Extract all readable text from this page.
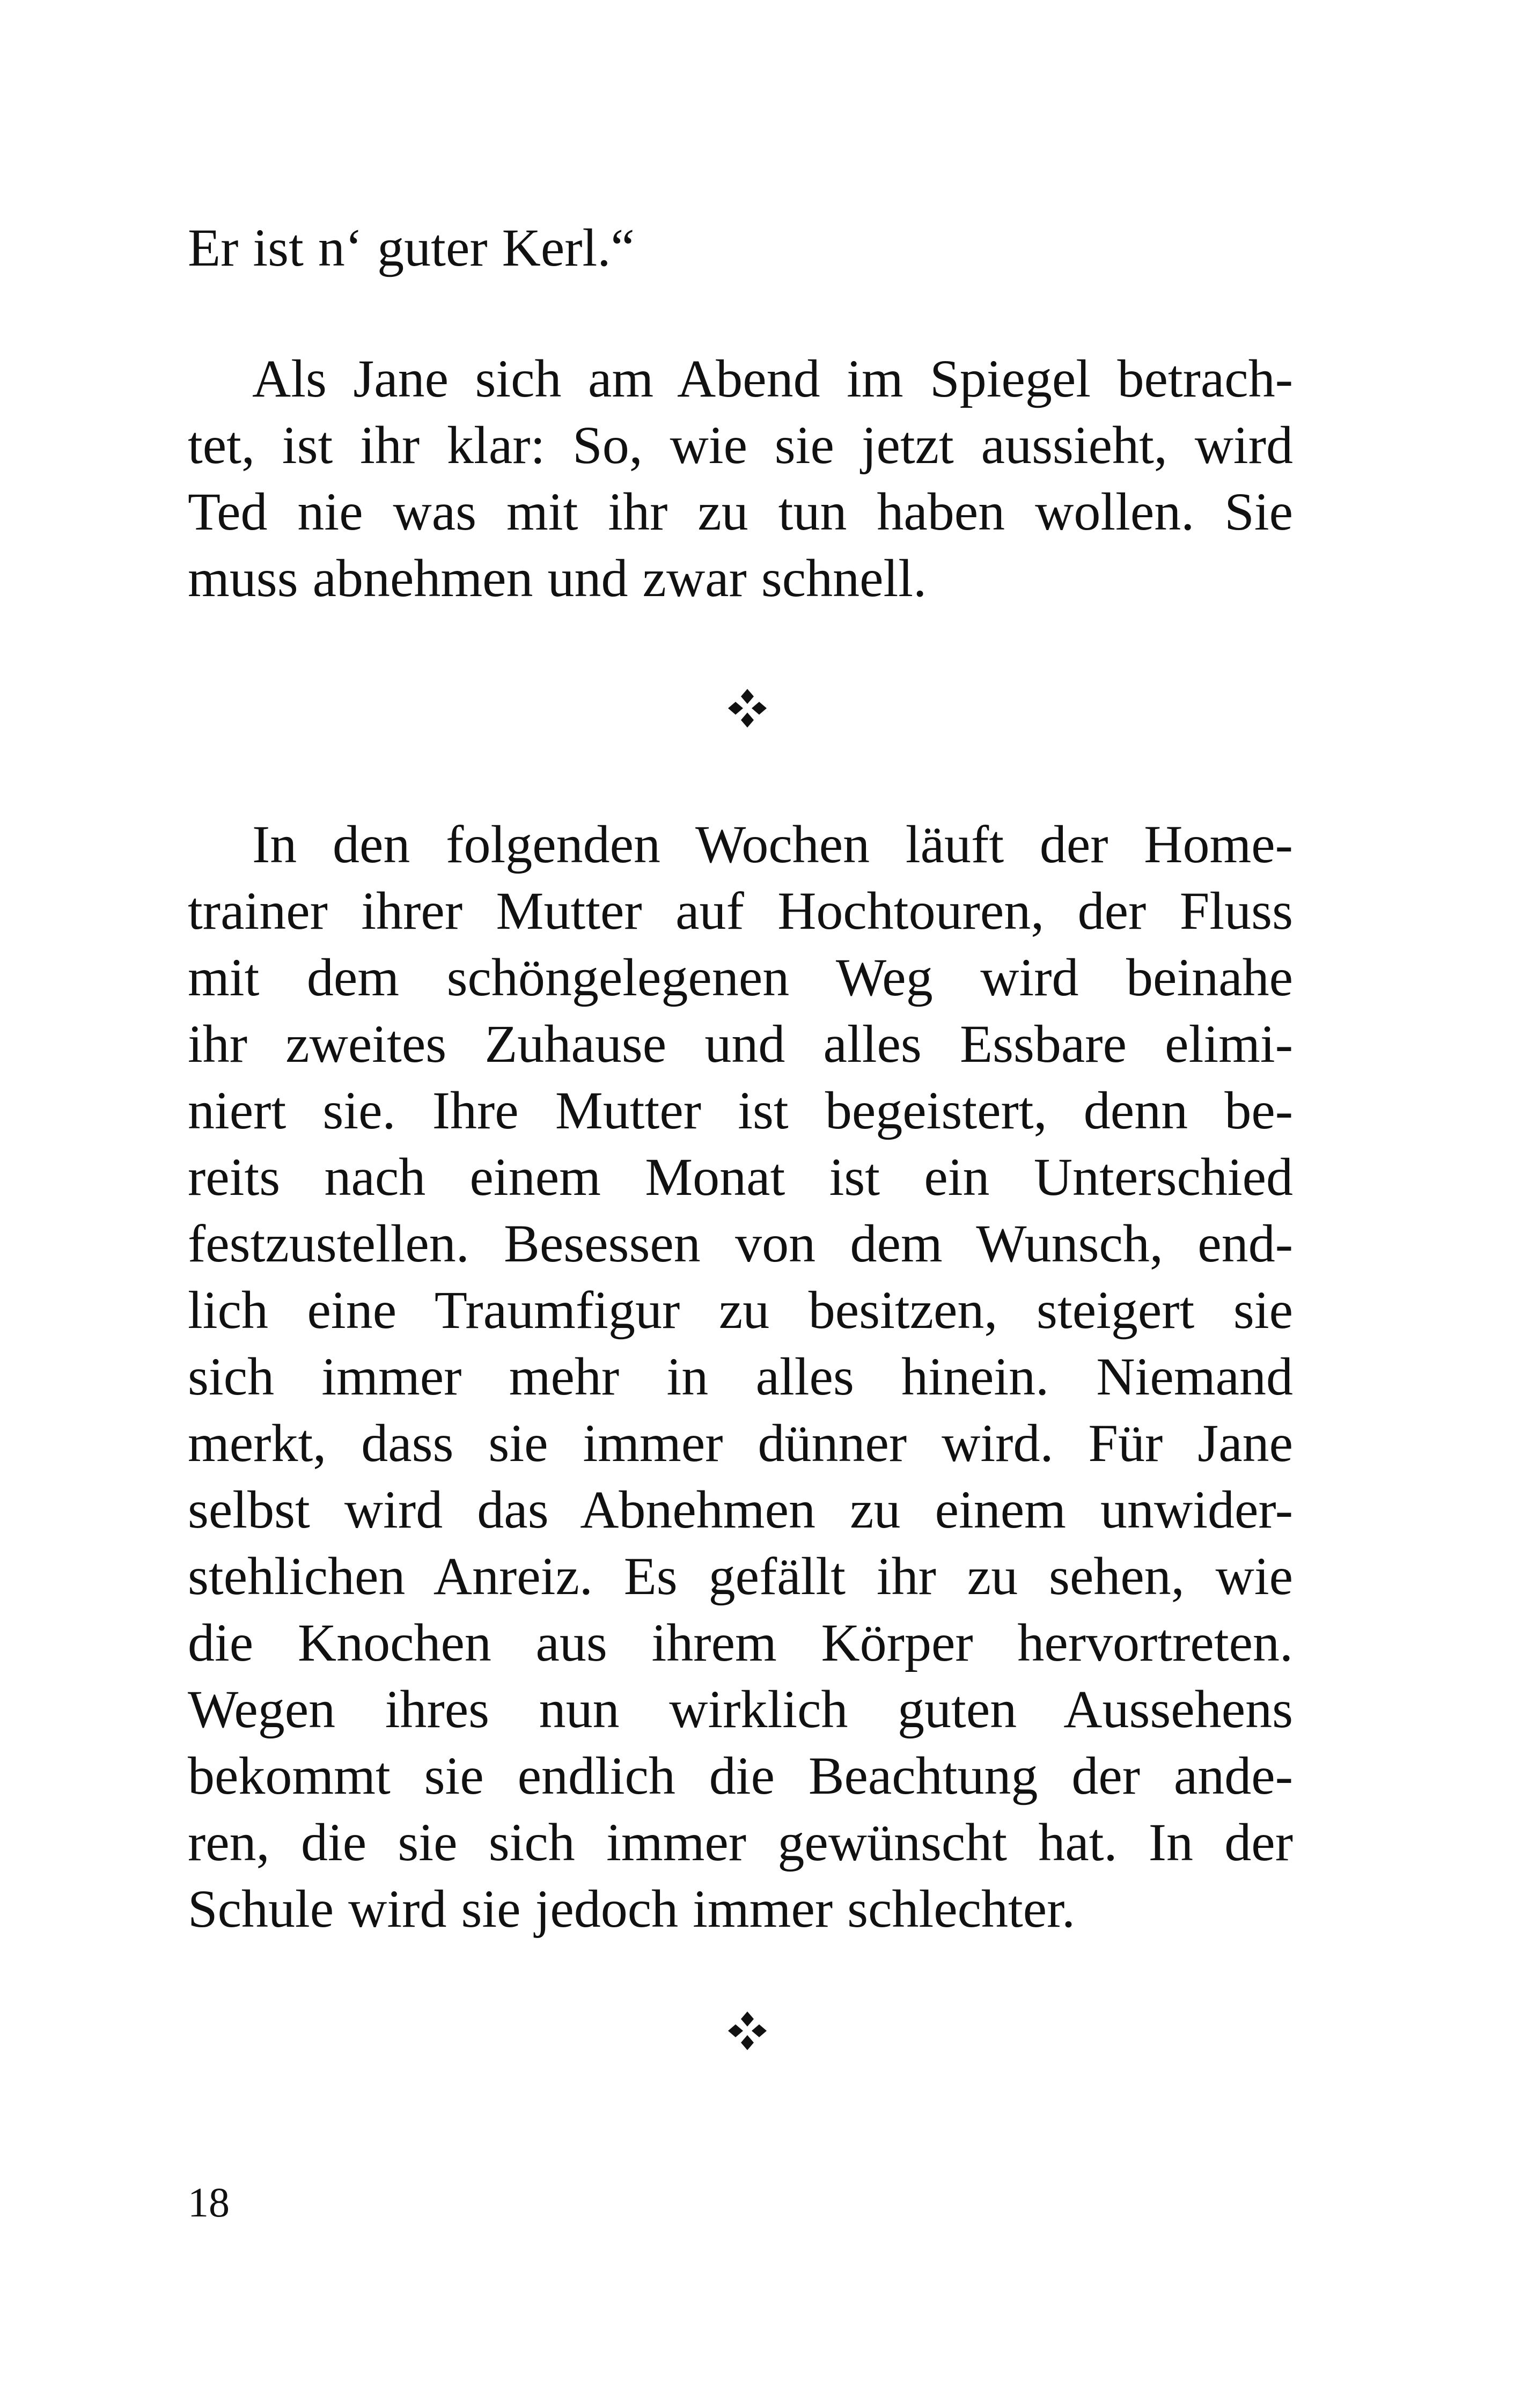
Er ist n‘ guter Kerl.“
Als Jane sich am Abend im Spiegel betrach-
tet, ist ihr klar: So, wie sie jetzt aussieht, wird
Ted nie was mit ihr zu tun haben wollen. Sie
muss abnehmen und zwar schnell.
In den folgenden Wochen läuft der Home-
trainer ihrer Mutter auf Hochtouren, der Fluss
mit dem schöngelegenen Weg wird beinahe
ihr zweites Zuhause und alles Essbare elimi-
niert sie. Ihre Mutter ist begeistert, denn be-
reits nach einem Monat ist ein Unterschied
festzustellen. Besessen von dem Wunsch, end-
lich eine Traumfigur zu besitzen, steigert sie
sich immer mehr in alles hinein. Niemand
merkt, dass sie immer dünner wird. Für Jane
selbst wird das Abnehmen zu einem unwider-
stehlichen Anreiz. Es gefällt ihr zu sehen, wie
die Knochen aus ihrem Körper hervortreten.
Wegen ihres nun wirklich guten Aussehens
bekommt sie endlich die Beachtung der ande-
ren, die sie sich immer gewünscht hat. In der
Schule wird sie jedoch immer schlechter.
18
